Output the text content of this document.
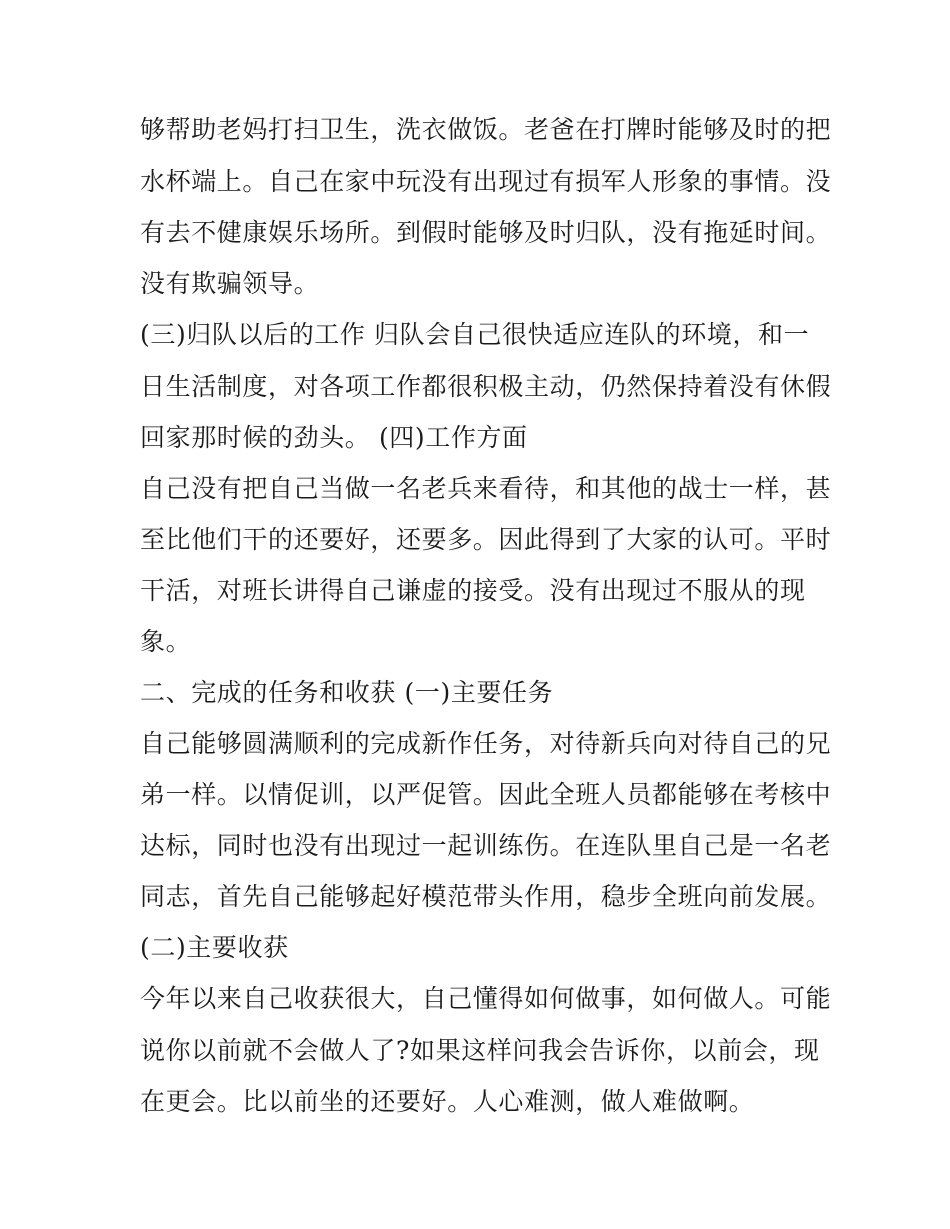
够帮助老妈打扫卫生，洗衣做饭。老爸在打牌时能够及时的把

水杯端上。自己在家中玩没有出现过有损军人形象的事情。没

有去不健康娱乐场所。到假时能够及时归队，没有拖延时间。

没有欺骗领导。

(三)归队以后的工作 归队会自己很快适应连队的环境，和一

日生活制度，对各项工作都很积极主动，仍然保持着没有休假

回家那时候的劲头。 (四)工作方面

自己没有把自己当做一名老兵来看待，和其他的战士一样，甚

至比他们干的还要好，还要多。因此得到了大家的认可。平时

干活，对班长讲得自己谦虚的接受。没有出现过不服从的现

象。

二、完成的任务和收获 (一)主要任务

自己能够圆满顺利的完成新作任务，对待新兵向对待自己的兄

弟一样。以情促训，以严促管。因此全班人员都能够在考核中

达标，同时也没有出现过一起训练伤。在连队里自己是一名老

同志，首先自己能够起好模范带头作用，稳步全班向前发展。

(二)主要收获

今年以来自己收获很大，自己懂得如何做事，如何做人。可能

说你以前就不会做人了?如果这样问我会告诉你，以前会，现

在更会。比以前坐的还要好。人心难测，做人难做啊。
